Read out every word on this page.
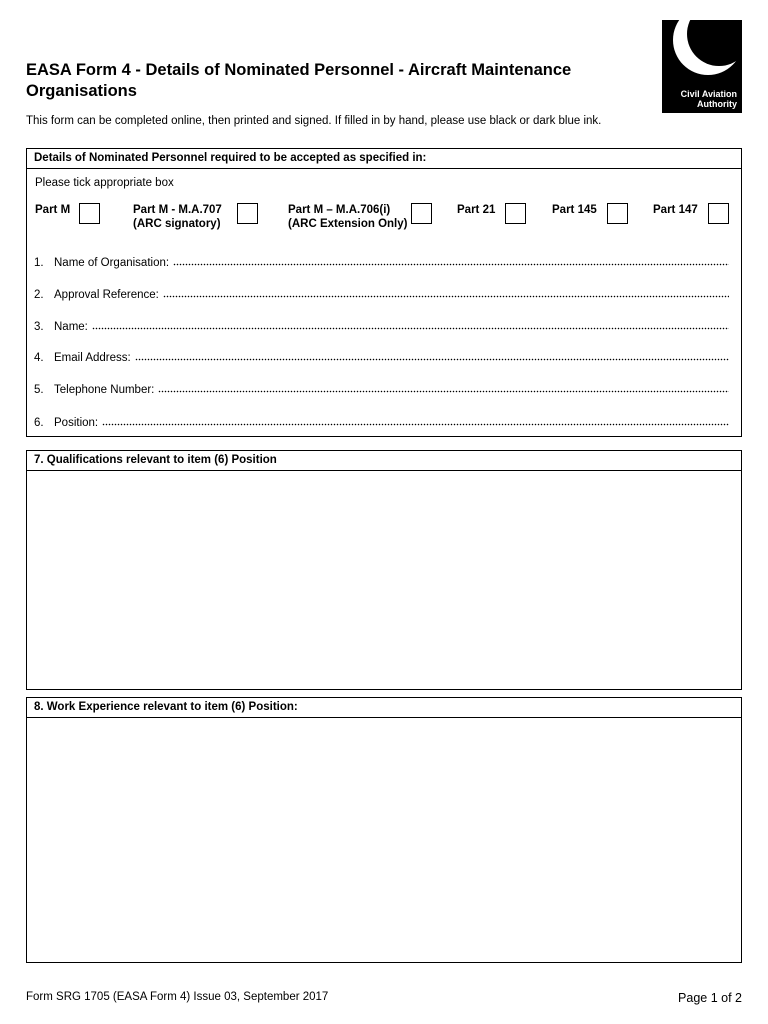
EASA Form 4 - Details of Nominated Personnel - Aircraft Maintenance Organisations	Civil Aviation
Authority

This form can be completed online, then printed and signed. If filled in by hand, please use black or dark blue ink.

Details of Nominated Personnel required to be accepted as specified in:
Please tick appropriate box
Part M	Part M - M.A.707
(ARC signatory)
Part M – M.A.706(i)
(ARC Extension Only)
Part 21	Part 145	Part 147
1. Name of Organisation:
2. Approval Reference:
3. Name:
4. Email Address:
5. Telephone Number:
6. Position:
7. Qualifications relevant to item (6) Position
8. Work Experience relevant to item (6) Position:
Form SRG 1705 (EASA Form 4) Issue 03, September 2017	Page 1 of 2
